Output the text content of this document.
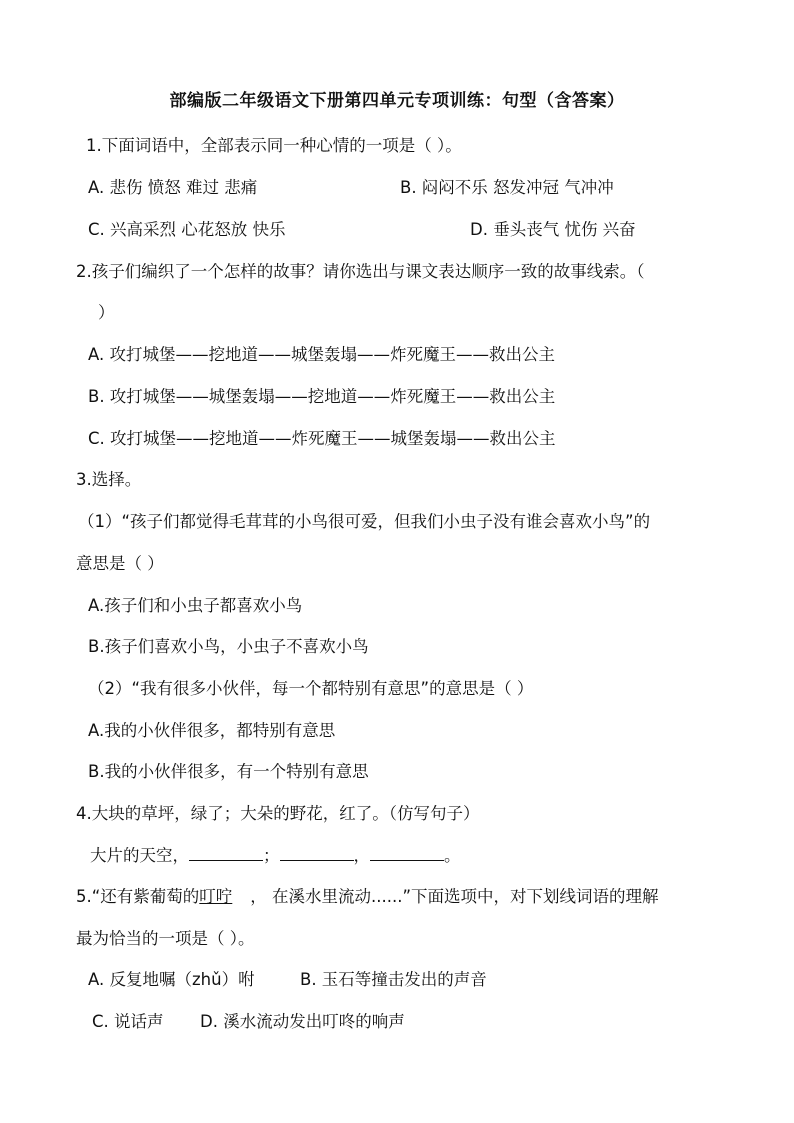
部编版二年级语文下册第四单元专项训练：句型（含答案）
1.下面词语中，全部表示同一种心情的一项是（ ）。
A. 悲伤 愤怒 难过 悲痛	B. 闷闷不乐 怒发冲冠 气冲冲
C. 兴高采烈 心花怒放 快乐	D. 垂头丧气 忧伤 兴奋
2.孩子们编织了一个怎样的故事？请你选出与课文表达顺序一致的故事线索。（
）
A. 攻打城堡——挖地道——城堡轰塌——炸死魔王——救出公主
B. 攻打城堡——城堡轰塌——挖地道——炸死魔王——救出公主
C. 攻打城堡——挖地道——炸死魔王——城堡轰塌——救出公主
3.选择。
（1）“孩子们都觉得毛茸茸的小鸟很可爱，但我们小虫子没有谁会喜欢小鸟”的
意思是（ ）
A.孩子们和小虫子都喜欢小鸟
B.孩子们喜欢小鸟，小虫子不喜欢小鸟
（2）“我有很多小伙伴，每一个都特别有意思”的意思是（ ）
A.我的小伙伴很多，都特别有意思
B.我的小伙伴很多，有一个特别有意思
4.大块的草坪，绿了；大朵的野花，红了。（仿写句子）
大片的天空，	；	，	。
5.“还有紫葡萄的叮咛 ， 在溪水里流动......”下面选项中，对下划线词语的理解
最为恰当的一项是（ ）。
A. 反复地嘱（zhǔ）咐	B. 玉石等撞击发出的声音
C. 说话声 D. 溪水流动发出叮咚的响声
